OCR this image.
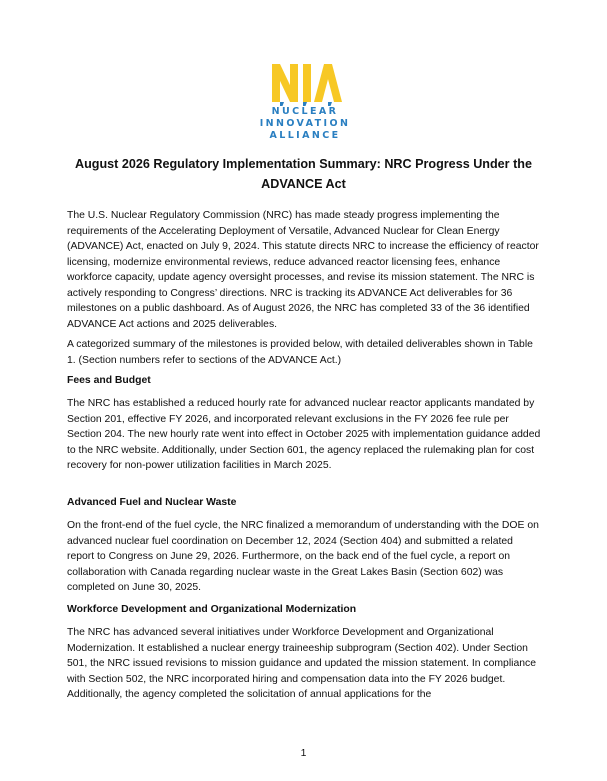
NUCLEAR
INNOVATION
ALLIANCE
August 2026 Regulatory Implementation Summary: NRC Progress Under the
ADVANCE Act

The U.S. Nuclear Regulatory Commission (NRC) has made steady progress implementing the requirements of the Accelerating Deployment of Versatile, Advanced Nuclear for Clean Energy (ADVANCE) Act, enacted on July 9, 2024. This statute directs NRC to increase the efficiency of reactor licensing, modernize environmental reviews, reduce advanced reactor licensing fees, enhance workforce capacity, update agency oversight processes, and revise its mission statement. The NRC is actively responding to Congress’ directions. NRC is tracking its ADVANCE Act deliverables for 36 milestones on a public dashboard. As of August 2026, the NRC has completed 33 of the 36 identified ADVANCE Act actions and 2025 deliverables.

A categorized summary of the milestones is provided below, with detailed deliverables shown in Table 1. (Section numbers refer to sections of the ADVANCE Act.)

Fees and Budget

The NRC has established a reduced hourly rate for advanced nuclear reactor applicants mandated by Section 201, effective FY 2026, and incorporated relevant exclusions in the FY 2026 fee rule per Section 204. The new hourly rate went into effect in October 2025 with implementation guidance added to the NRC website. Additionally, under Section 601, the agency replaced the rulemaking plan for cost recovery for non-power utilization facilities in March 2025.

Advanced Fuel and Nuclear Waste

On the front-end of the fuel cycle, the NRC finalized a memorandum of understanding with the DOE on advanced nuclear fuel coordination on December 12, 2024 (Section 404) and submitted a related report to Congress on June 29, 2026. Furthermore, on the back end of the fuel cycle, a report on collaboration with Canada regarding nuclear waste in the Great Lakes Basin (Section 602) was completed on June 30, 2025.

Workforce Development and Organizational Modernization

The NRC has advanced several initiatives under Workforce Development and Organizational Modernization. It established a nuclear energy traineeship subprogram (Section 402). Under Section 501, the NRC issued revisions to mission guidance and updated the mission statement. In compliance with Section 502, the NRC incorporated hiring and compensation data into the FY 2026 budget. Additionally, the agency completed the solicitation of annual applications for the

1
